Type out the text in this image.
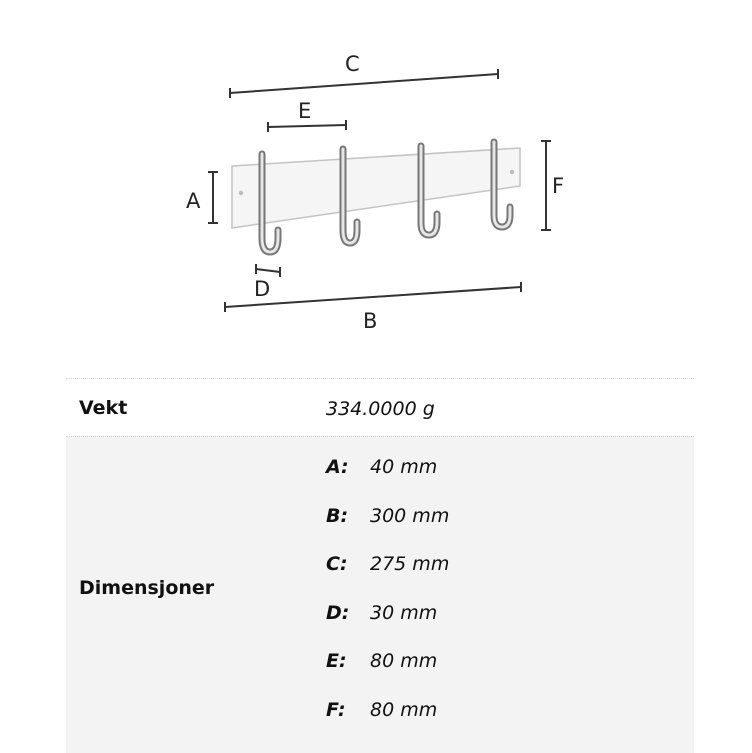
C
E
A
F
D
B
Vekt	334.0000 g
Dimensjoner
A: 40 mm
B: 300 mm
C: 275 mm
D: 30 mm
E: 80 mm
F: 80 mm
